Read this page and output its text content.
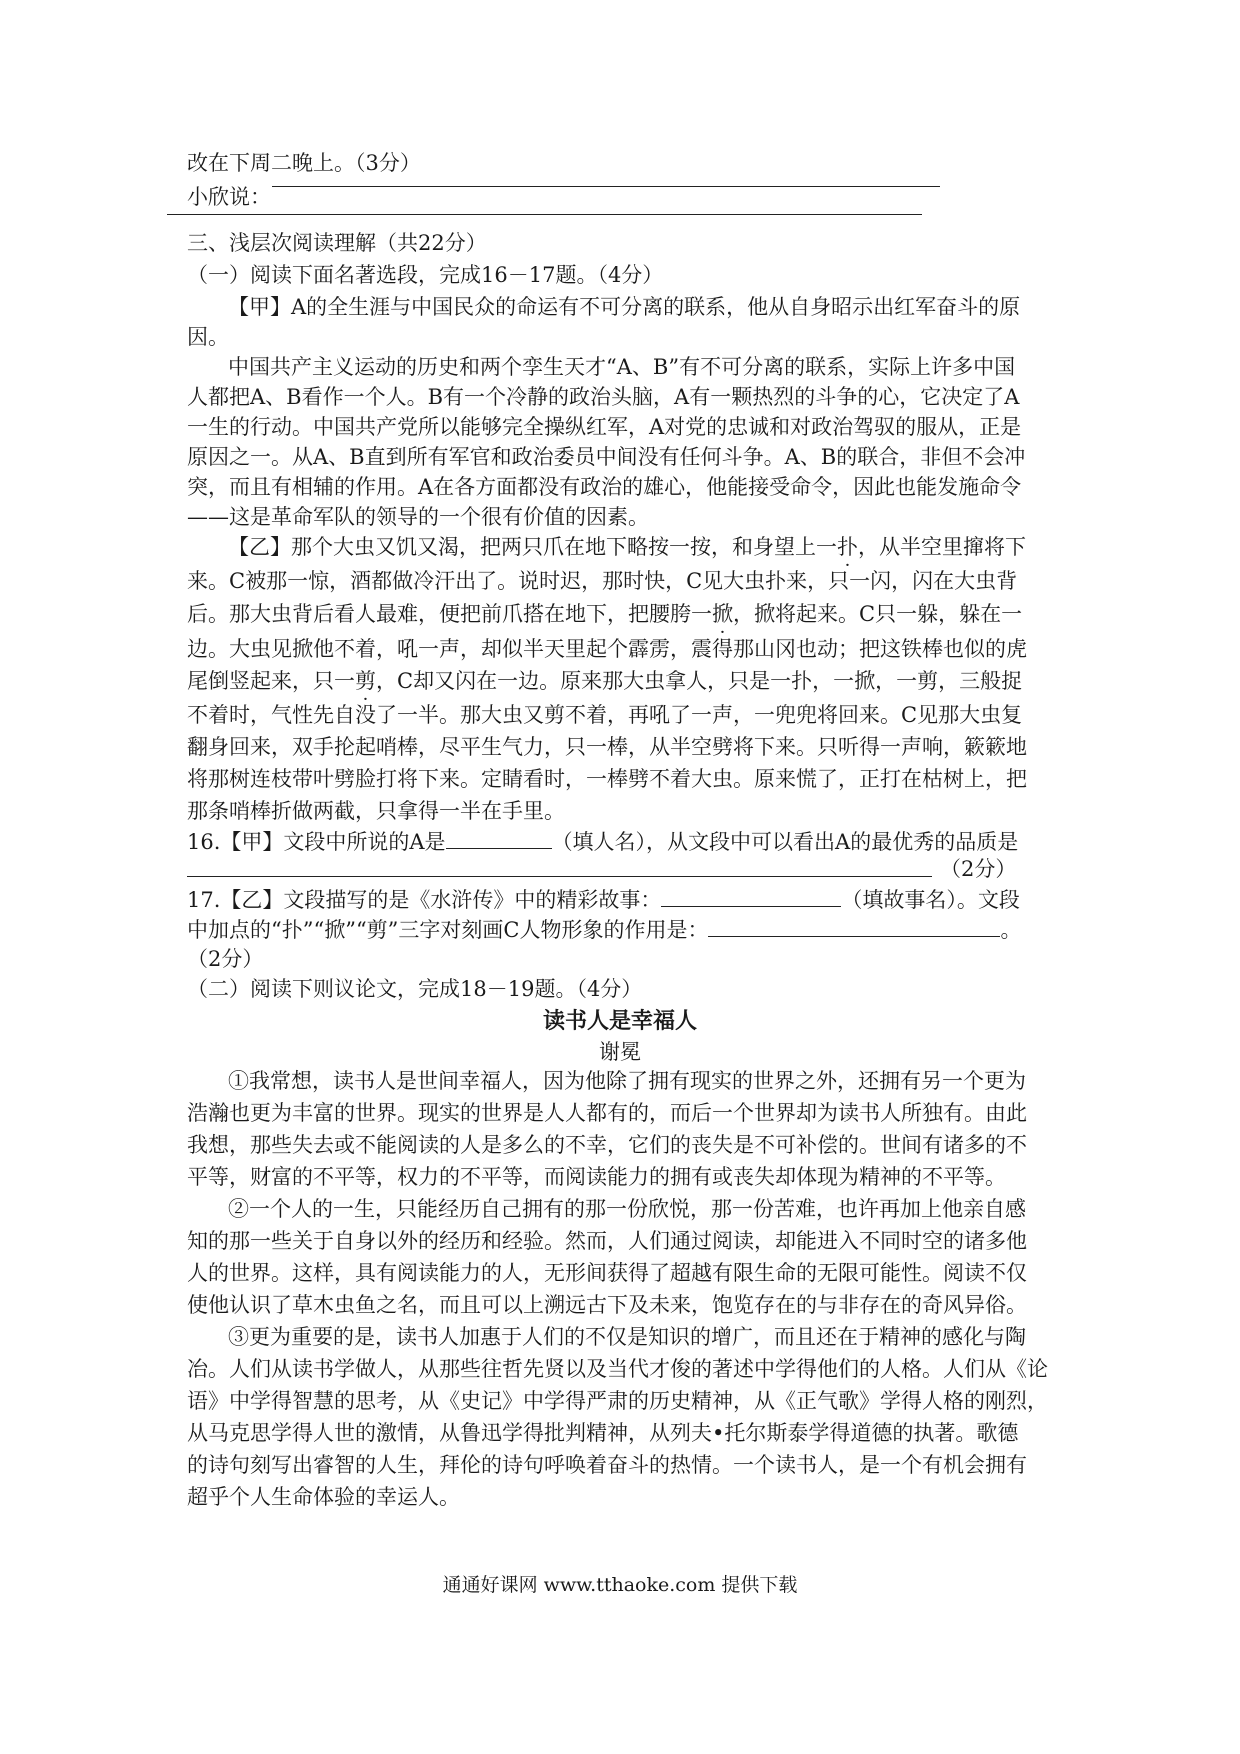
改在下周二晚上。（3分）
小欣说：
三、浅层次阅读理解（共22分）
（一）阅读下面名著选段，完成16－17题。（4分）
【甲】A的全生涯与中国民众的命运有不可分离的联系，他从自身昭示出红军奋斗的原
因。
中国共产主义运动的历史和两个孪生天才“A、B”有不可分离的联系，实际上许多中国
人都把A、B看作一个人。B有一个冷静的政治头脑，A有一颗热烈的斗争的心，它决定了A
一生的行动。中国共产党所以能够完全操纵红军，A对党的忠诚和对政治驾驭的服从，正是
原因之一。从A、B直到所有军官和政治委员中间没有任何斗争。A、B的联合，非但不会冲
突，而且有相辅的作用。A在各方面都没有政治的雄心，他能接受命令，因此也能发施命令
——这是革命军队的领导的一个很有价值的因素。
【乙】那个大虫又饥又渴，把两只爪在地下略按一按，和身望上一扑，从半空里撺将下
来。C被那一惊，酒都做冷汗出了。说时迟，那时快，C见大虫扑来，只一闪，闪在大虫背
后。那大虫背后看人最难，便把前爪搭在地下，把腰胯一掀，掀将起来。C只一躲，躲在一
边。大虫见掀他不着，吼一声，却似半天里起个霹雳，震得那山冈也动；把这铁棒也似的虎
尾倒竖起来，只一剪，C却又闪在一边。原来那大虫拿人，只是一扑，一掀，一剪，三般捉
不着时，气性先自没了一半。那大虫又剪不着，再吼了一声，一兜兜将回来。C见那大虫复
翻身回来，双手抡起哨棒，尽平生气力，只一棒，从半空劈将下来。只听得一声响，簌簌地
将那树连枝带叶劈脸打将下来。定睛看时，一棒劈不着大虫。原来慌了，正打在枯树上，把
那条哨棒折做两截，只拿得一半在手里。
16.【甲】文段中所说的A是	（填人名），从文段中可以看出A的最优秀的品质是
（2分）
17.【乙】文段描写的是《水浒传》中的精彩故事：	（填故事名）。文段
中加点的“扑”“掀”“剪”三字对刻画C人物形象的作用是：	。
（2分）
（二）阅读下则议论文，完成18－19题。（4分）
读书人是幸福人
谢冕
①我常想，读书人是世间幸福人，因为他除了拥有现实的世界之外，还拥有另一个更为
浩瀚也更为丰富的世界。现实的世界是人人都有的，而后一个世界却为读书人所独有。由此
我想，那些失去或不能阅读的人是多么的不幸，它们的丧失是不可补偿的。世间有诸多的不
平等，财富的不平等，权力的不平等，而阅读能力的拥有或丧失却体现为精神的不平等。
②一个人的一生，只能经历自己拥有的那一份欣悦，那一份苦难，也许再加上他亲自感
知的那一些关于自身以外的经历和经验。然而，人们通过阅读，却能进入不同时空的诸多他
人的世界。这样，具有阅读能力的人，无形间获得了超越有限生命的无限可能性。阅读不仅
使他认识了草木虫鱼之名，而且可以上溯远古下及未来，饱览存在的与非存在的奇风异俗。
③更为重要的是，读书人加惠于人们的不仅是知识的增广，而且还在于精神的感化与陶
冶。人们从读书学做人，从那些往哲先贤以及当代才俊的著述中学得他们的人格。人们从《论
语》中学得智慧的思考，从《史记》中学得严肃的历史精神，从《正气歌》学得人格的刚烈，
从马克思学得人世的激情，从鲁迅学得批判精神，从列夫•托尔斯泰学得道德的执著。歌德
的诗句刻写出睿智的人生，拜伦的诗句呼唤着奋斗的热情。一个读书人，是一个有机会拥有
超乎个人生命体验的幸运人。
通通好课网 www.tthaoke.com 提供下载
